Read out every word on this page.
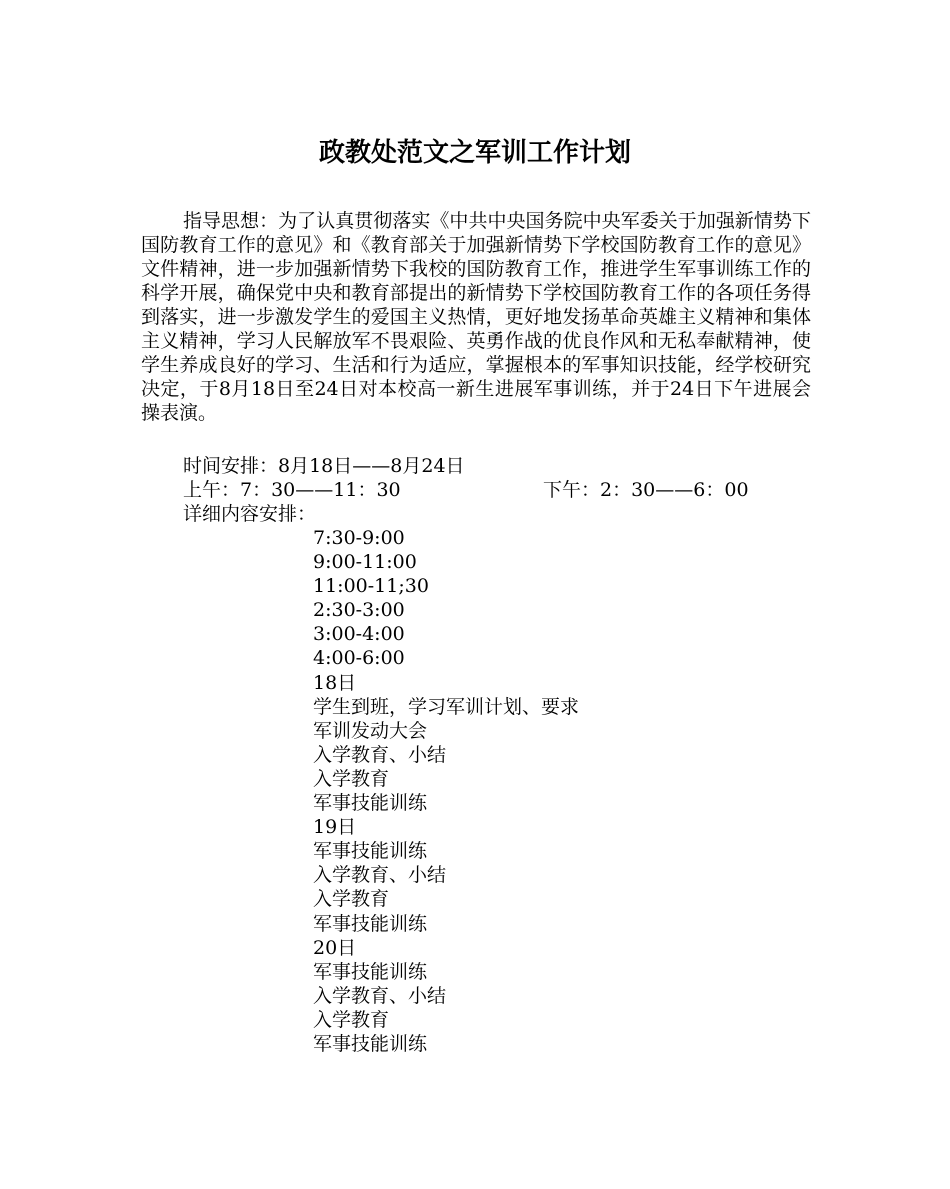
政教处范文之军训工作计划

指导思想：为了认真贯彻落实《中共中央国务院中央军委关于加强新情势下国防教育工作的意见》和《教育部关于加强新情势下学校国防教育工作的意见》文件精神，进一步加强新情势下我校的国防教育工作，推进学生军事训练工作的科学开展，确保党中央和教育部提出的新情势下学校国防教育工作的各项任务得到落实，进一步激发学生的爱国主义热情，更好地发扬革命英雄主义精神和集体主义精神，学习人民解放军不畏艰险、英勇作战的优良作风和无私奉献精神，使学生养成良好的学习、生活和行为适应，掌握根本的军事知识技能，经学校研究决定，于8月18日至24日对本校高一新生进展军事训练，并于24日下午进展会操表演。

时间安排：8月18日——8月24日
上午：7：30——11：30	下午：2：30——6：00
详细内容安排：
7:30-9:00
9:00-11:00
11:00-11;30
2:30-3:00
3:00-4:00
4:00-6:00
18日
学生到班，学习军训计划、要求
军训发动大会
入学教育、小结
入学教育
军事技能训练
19日
军事技能训练
入学教育、小结
入学教育
军事技能训练
20日
军事技能训练
入学教育、小结
入学教育
军事技能训练
